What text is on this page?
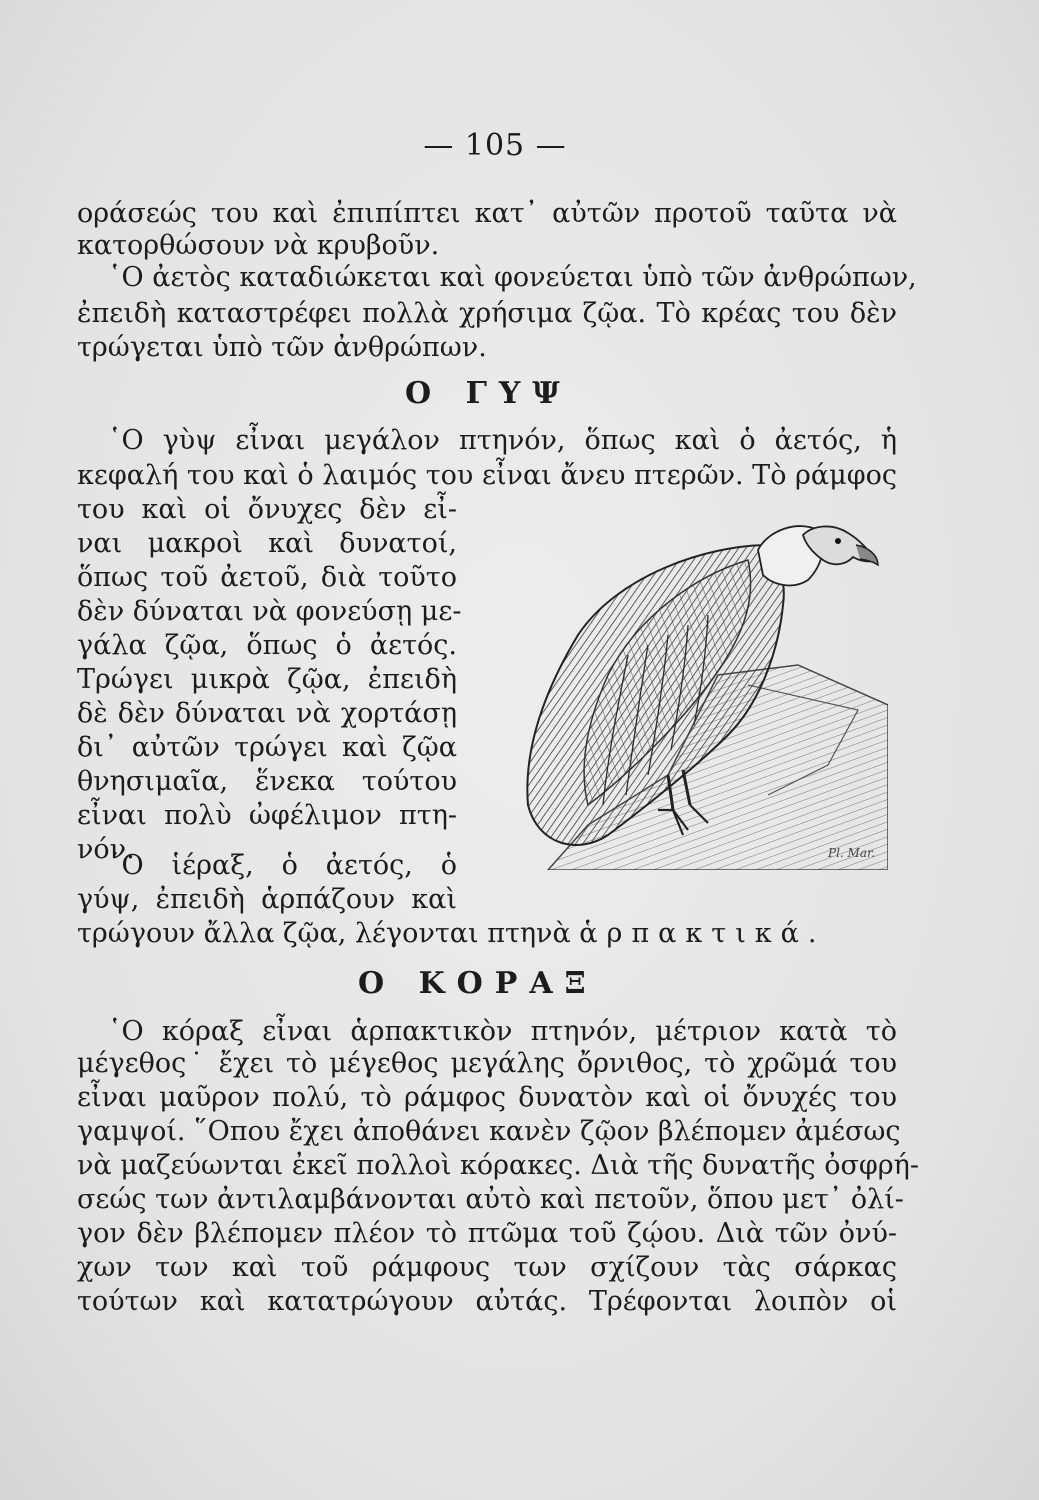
— 105 —
οράσεώς του καὶ ἐπιπίπτει κατ᾽ αὐτῶν προτοῦ ταῦτα νὰ
κατορθώσουν νὰ κρυβοῦν.
῾Ο ἀετὸς καταδιώκεται καὶ φονεύεται ὑπὸ τῶν ἀνθρώπων,
ἐπειδὴ καταστρέφει πολλὰ χρήσιμα ζῷα. Τὸ κρέας του δὲν
τρώγεται ὑπὸ τῶν ἀνθρώπων.
Ο ΓΥΨ
῾Ο γὺψ εἶναι μεγάλον πτηνόν, ὅπως καὶ ὁ ἀετός, ἡ
κεφαλή του καὶ ὁ λαιμός του εἶναι ἄνευ πτερῶν. Τὸ ράμφος
του καὶ οἱ ὄνυχες δὲν εἶ-
ναι μακροὶ καὶ δυνατοί,
ὅπως τοῦ ἀετοῦ, διὰ τοῦτο
δὲν δύναται νὰ φονεύσῃ με-
γάλα ζῷα, ὅπως ὁ ἀετός.
Τρώγει μικρὰ ζῷα, ἐπειδὴ
δὲ δὲν δύναται νὰ χορτάσῃ
δι᾽ αὐτῶν τρώγει καὶ ζῷα
θνησιμαῖα, ἕνεκα τούτου
εἶναι πολὺ ὠφέλιμον πτη-
νόν.
῾Ο ἱέραξ, ὁ ἀετός, ὁ
γύψ, ἐπειδὴ ἁρπάζουν καὶ
τρώγουν ἄλλα ζῷα, λέγονται πτηνὰ ἁρπακτικά.
Pl. Mar.
Ο ΚΟΡΑΞ
῾Ο κόραξ εἶναι ἁρπακτικὸν πτηνόν, μέτριον κατὰ τὸ
μέγεθος˙ ἔχει τὸ μέγεθος μεγάλης ὄρνιθος, τὸ χρῶμά του
εἶναι μαῦρον πολύ, τὸ ράμφος δυνατὸν καὶ οἱ ὄνυχές του
γαμψοί. ῞Οπου ἔχει ἀποθάνει κανὲν ζῷον βλέπομεν ἀμέσως
νὰ μαζεύωνται ἐκεῖ πολλοὶ κόρακες. Διὰ τῆς δυνατῆς ὀσφρή-
σεώς των ἀντιλαμβάνονται αὐτὸ καὶ πετοῦν, ὅπου μετ᾽ ὀλί-
γον δὲν βλέπομεν πλέον τὸ πτῶμα τοῦ ζῴου. Διὰ τῶν ὀνύ-
χων των καὶ τοῦ ράμφους των σχίζουν τὰς σάρκας
τούτων καὶ κατατρώγουν αὐτάς. Τρέφονται λοιπὸν οἱ
